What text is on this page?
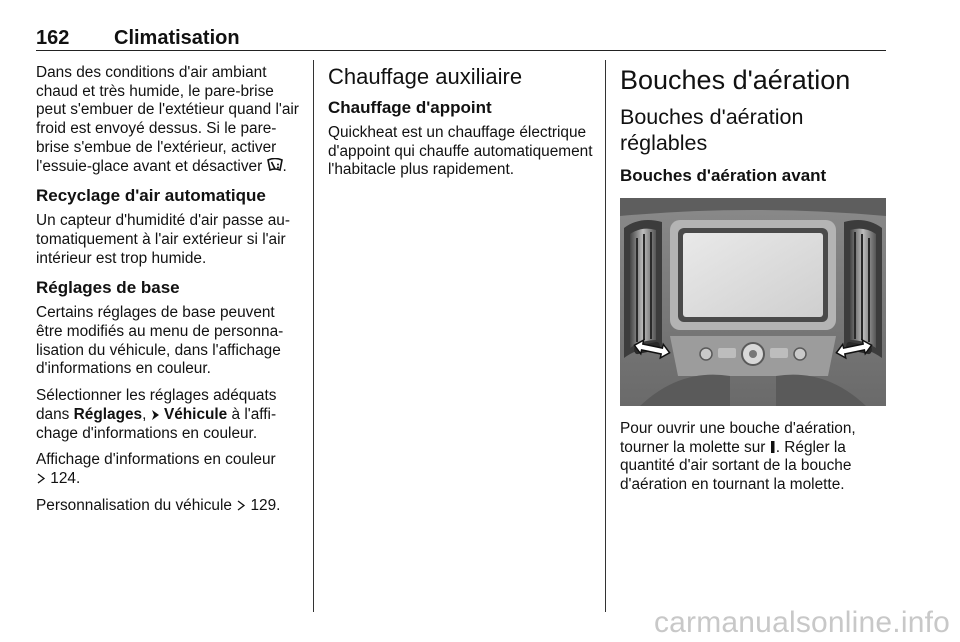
162 Climatisation

Dans des conditions d'air ambiant chaud et très humide, le pare-brise peut s'embuer de l'extétieur quand l'air froid est envoyé dessus. Si le pare-brise s'embue de l'extérieur, activer l'essuie-glace avant et désactiver .

Recyclage d'air automatique

Un capteur d'humidité d'air passe automatiquement à l'air extérieur si l'air intérieur est trop humide.

Réglages de base

Certains réglages de base peuvent être modifiés au menu de personnalisation du véhicule, dans l'affichage d'informations en couleur.

Sélectionner les réglages adéquats dans Réglages, Véhicule à l'affichage d'informations en couleur.

Affichage d'informations en couleur
124.

Personnalisation du véhicule 129.

Chauffage auxiliaire
Chauffage d'appoint

Quickheat est un chauffage électrique d'appoint qui chauffe automatiquement l'habitacle plus rapidement.

Bouches d'aération
Bouches d'aération réglables
Bouches d'aération avant

Pour ouvrir une bouche d'aération, tourner la molette sur . Régler la quantité d'air sortant de la bouche d'aération en tournant la molette.

carmanualsonline.info
